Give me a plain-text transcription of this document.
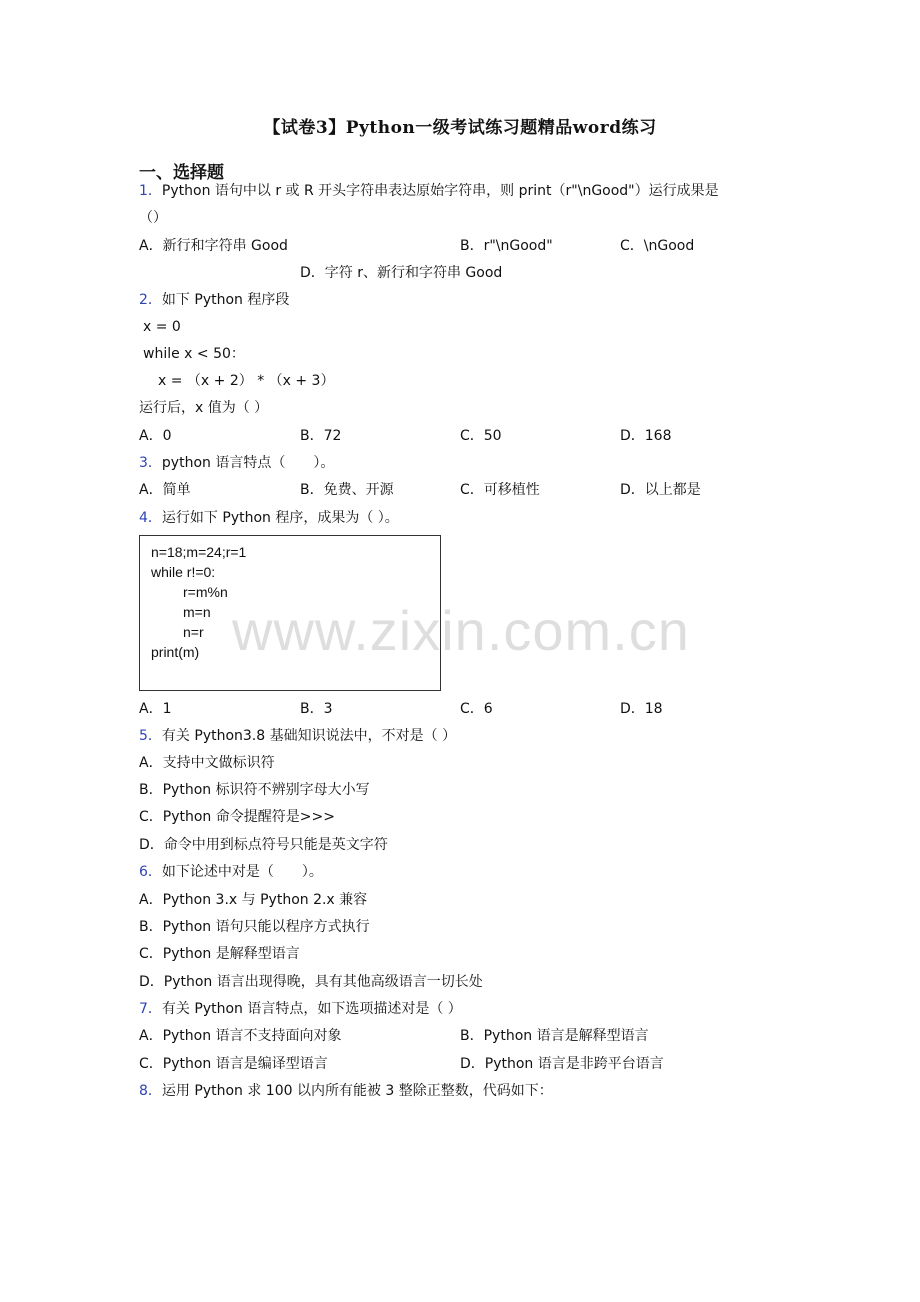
【试卷3】Python一级考试练习题精品word练习
一、选择题
1．Python 语句中以 r 或 R 开头字符串表达原始字符串，则 print（r"\nGood"）运行成果是
（）
A．新行和字符串 Good	B．r"\nGood"	C．\nGood
D．字符 r、新行和字符串 Good
2．如下 Python 程序段
x = 0
while x < 50：
x = （x + 2） * （x + 3）
运行后，x 值为（ ）
A．0	B．72	C．50	D．168
3．python 语言特点（　　）。
A．简单	B．免费、开源	C．可移植性	D．以上都是
4．运行如下 Python 程序，成果为（ ）。
n=18;m=24;r=1
while r!=0:
r=m%n
m=n
n=r
print(m) www.zixin.com.cn
A．1	B．3	C．6	D．18
5．有关 Python3.8 基础知识说法中，不对是（ ）
A．支持中文做标识符
B．Python 标识符不辨别字母大小写
C．Python 命令提醒符是>>>
D．命令中用到标点符号只能是英文字符
6．如下论述中对是（　　）。
A．Python 3.x 与 Python 2.x 兼容
B．Python 语句只能以程序方式执行
C．Python 是解释型语言
D．Python 语言出现得晚，具有其他高级语言一切长处
7．有关 Python 语言特点，如下选项描述对是（ ）
A．Python 语言不支持面向对象	B．Python 语言是解释型语言
C．Python 语言是编译型语言	D．Python 语言是非跨平台语言
8．运用 Python 求 100 以内所有能被 3 整除正整数，代码如下：
